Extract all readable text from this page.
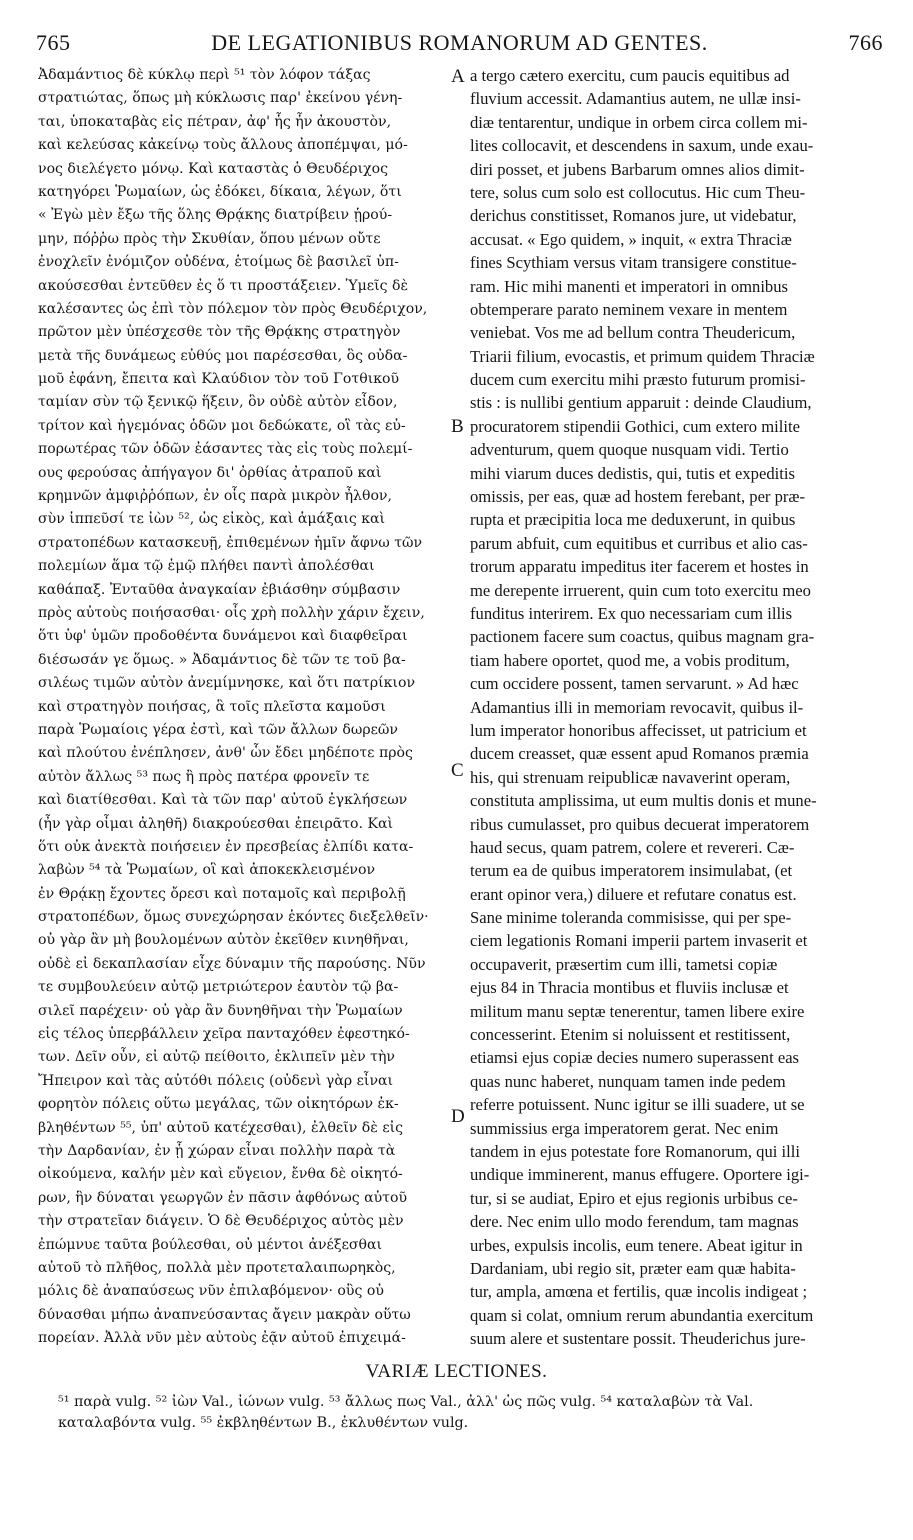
765	DE LEGATIONIBUS ROMANORUM AD GENTES.	766
Ἀδαμάντιος δὲ κύκλῳ περὶ ⁵¹ τὸν λόφον τάξας
στρατιώτας, ὅπως μὴ κύκλωσις παρ' ἐκείνου γένη-
ται, ὑποκαταβὰς εἰς πέτραν, ἀφ' ἧς ἦν ἀκουστὸν,
καὶ κελεύσας κἀκείνῳ τοὺς ἄλλους ἀποπέμψαι, μό-
νος διελέγετο μόνῳ. Καὶ καταστὰς ὁ Θευδέριχος
κατηγόρει Ῥωμαίων, ὡς ἐδόκει, δίκαια, λέγων, ὅτι
« Ἐγὼ μὲν ἔξω τῆς ὅλης Θρᾴκης διατρίβειν ᾑρού-
μην, πόῤῥω πρὸς τὴν Σκυθίαν, ὅπου μένων οὔτε
ἐνοχλεῖν ἐνόμιζον οὐδένα, ἑτοίμως δὲ βασιλεῖ ὑπ-
ακούσεσθαι ἐντεῦθεν ἐς ὅ τι προστάξειεν. Ὑμεῖς δὲ
καλέσαντες ὡς ἐπὶ τὸν πόλεμον τὸν πρὸς Θευδέριχον,
πρῶτον μὲν ὑπέσχεσθε τὸν τῆς Θρᾴκης στρατηγὸν
μετὰ τῆς δυνάμεως εὐθύς μοι παρέσεσθαι, ὃς οὐδα-
μοῦ ἐφάνη, ἔπειτα καὶ Κλαύδιον τὸν τοῦ Γοτθικοῦ
ταμίαν σὺν τῷ ξενικῷ ἥξειν, ὃν οὐδὲ αὐτὸν εἶδον,
τρίτον καὶ ἡγεμόνας ὁδῶν μοι δεδώκατε, οἳ τὰς εὐ-
πορωτέρας τῶν ὁδῶν ἐάσαντες τὰς εἰς τοὺς πολεμί-
ους φερούσας ἀπήγαγον δι' ὀρθίας ἀτραποῦ καὶ
κρημνῶν ἀμφιῤῥόπων, ἐν οἷς παρὰ μικρὸν ἦλθον,
σὺν ἱππεῦσί τε ἰὼν ⁵², ὡς εἰκὸς, καὶ ἁμάξαις καὶ
στρατοπέδων κατασκευῇ, ἐπιθεμένων ἡμῖν ἄφνω τῶν
πολεμίων ἅμα τῷ ἐμῷ πλήθει παντὶ ἀπολέσθαι
καθάπαξ. Ἐνταῦθα ἀναγκαίαν ἐβιάσθην σύμβασιν
πρὸς αὐτοὺς ποιήσασθαι· οἷς χρὴ πολλὴν χάριν ἔχειν,
ὅτι ὑφ' ὑμῶν προδοθέντα δυνάμενοι καὶ διαφθεῖραι
διέσωσάν γε ὅμως. » Ἀδαμάντιος δὲ τῶν τε τοῦ βα-
σιλέως τιμῶν αὐτὸν ἀνεμίμνησκε, καὶ ὅτι πατρίκιον
καὶ στρατηγὸν ποιήσας, ἃ τοῖς πλεῖστα καμοῦσι
παρὰ Ῥωμαίοις γέρα ἐστὶ, καὶ τῶν ἄλλων δωρεῶν
καὶ πλούτου ἐνέπλησεν, ἀνθ' ὧν ἔδει μηδέποτε πρὸς
αὐτὸν ἄλλως ⁵³ πως ἢ πρὸς πατέρα φρονεῖν τε
καὶ διατίθεσθαι. Καὶ τὰ τῶν παρ' αὐτοῦ ἐγκλήσεων
(ἦν γὰρ οἶμαι ἀληθῆ) διακρούεσθαι ἐπειρᾶτο. Καὶ
ὅτι οὐκ ἀνεκτὰ ποιήσειεν ἐν πρεσβείας ἐλπίδι κατα-
λαβὼν ⁵⁴ τὰ Ῥωμαίων, οἳ καὶ ἀποκεκλεισμένον
ἐν Θρᾴκῃ ἔχοντες ὄρεσι καὶ ποταμοῖς καὶ περιβολῇ
στρατοπέδων, ὅμως συνεχώρησαν ἑκόντες διεξελθεῖν·
οὐ γὰρ ἂν μὴ βουλομένων αὐτὸν ἐκεῖθεν κινηθῆναι,
οὐδὲ εἰ δεκαπλασίαν εἶχε δύναμιν τῆς παρούσης. Νῦν
τε συμβουλεύειν αὐτῷ μετριώτερον ἑαυτὸν τῷ βα-
σιλεῖ παρέχειν· οὐ γὰρ ἂν δυνηθῆναι τὴν Ῥωμαίων
εἰς τέλος ὑπερβάλλειν χεῖρα πανταχόθεν ἐφεστηκό-
των. Δεῖν οὖν, εἰ αὐτῷ πείθοιτο, ἐκλιπεῖν μὲν τὴν
Ἤπειρον καὶ τὰς αὐτόθι πόλεις (οὐδενὶ γὰρ εἶναι
φορητὸν πόλεις οὕτω μεγάλας, τῶν οἰκητόρων ἐκ-
βληθέντων ⁵⁵, ὑπ' αὐτοῦ κατέχεσθαι), ἐλθεῖν δὲ εἰς
τὴν Δαρδανίαν, ἐν ᾗ χώραν εἶναι πολλὴν παρὰ τὰ
οἰκούμενα, καλήν μὲν καὶ εὔγειον, ἔνθα δὲ οἰκητό-
ρων, ἣν δύναται γεωργῶν ἐν πᾶσιν ἀφθόνως αὐτοῦ
τὴν στρατεῖαν διάγειν. Ὁ δὲ Θευδέριχος αὐτὸς μὲν
ἐπώμνυε ταῦτα βούλεσθαι, οὐ μέντοι ἀνέξεσθαι
αὐτοῦ τὸ πλῆθος, πολλὰ μὲν προτεταλαιπωρηκὸς,
μόλις δὲ ἀναπαύσεως νῦν ἐπιλαβόμενον· οὓς οὐ
δύνασθαι μήπω ἀναπνεύσαντας ἄγειν μακρὰν οὕτω
πορείαν. Ἀλλὰ νῦν μὲν αὐτοὺς ἐᾷν αὐτοῦ ἐπιχειμά-
a tergo cætero exercitu, cum paucis equitibus ad
fluvium accessit. Adamantius autem, ne ullæ insi-
diæ tentarentur, undique in orbem circa collem mi-
lites collocavit, et descendens in saxum, unde exau-
diri posset, et jubens Barbarum omnes alios dimit-
tere, solus cum solo est collocutus. Hic cum Theu-
derichus constitisset, Romanos jure, ut videbatur,
accusat. « Ego quidem, » inquit, « extra Thraciæ
fines Scythiam versus vitam transigere constitue-
ram. Hic mihi manenti et imperatori in omnibus
obtemperare parato neminem vexare in mentem
veniebat. Vos me ad bellum contra Theudericum,
Triarii filium, evocastis, et primum quidem Thraciæ
ducem cum exercitu mihi præsto futurum promisi-
stis : is nullibi gentium apparuit : deinde Claudium,
procuratorem stipendii Gothici, cum extero milite
adventurum, quem quoque nusquam vidi. Tertio
mihi viarum duces dedistis, qui, tutis et expeditis
omissis, per eas, quæ ad hostem ferebant, per præ-
rupta et præcipitia loca me deduxerunt, in quibus
parum abfuit, cum equitibus et curribus et alio cas-
trorum apparatu impeditus iter facerem et hostes in
me derepente irruerent, quin cum toto exercitu meo
funditus interirem. Ex quo necessariam cum illis
pactionem facere sum coactus, quibus magnam gra-
tiam habere oportet, quod me, a vobis proditum,
cum occidere possent, tamen servarunt. » Ad hæc
Adamantius illi in memoriam revocavit, quibus il-
lum imperator honoribus affecisset, ut patricium et
ducem creasset, quæ essent apud Romanos præmia
his, qui strenuam reipublicæ navaverint operam,
constituta amplissima, ut eum multis donis et mune-
ribus cumulasset, pro quibus decuerat imperatorem
haud secus, quam patrem, colere et revereri. Cæ-
terum ea de quibus imperatorem insimulabat, (et
erant opinor vera,) diluere et refutare conatus est.
Sane minime toleranda commisisse, qui per spe-
ciem legationis Romani imperii partem invaserit et
occupaverit, præsertim cum illi, tametsi copiæ
ejus 84 in Thracia montibus et fluviis inclusæ et
militum manu septæ tenerentur, tamen libere exire
concesserint. Etenim si noluissent et restitissent,
etiamsi ejus copiæ decies numero superassent eas
quas nunc haberet, nunquam tamen inde pedem
referre potuissent. Nunc igitur se illi suadere, ut se
summissius erga imperatorem gerat. Nec enim
tandem in ejus potestate fore Romanorum, qui illi
undique imminerent, manus effugere. Oportere igi-
tur, si se audiat, Epiro et ejus regionis urbibus ce-
dere. Nec enim ullo modo ferendum, tam magnas
urbes, expulsis incolis, eum tenere. Abeat igitur in
Dardaniam, ubi regio sit, præter eam quæ habita-
tur, ampla, amœna et fertilis, quæ incolis indigeat ;
quam si colat, omnium rerum abundantia exercitum
suum alere et sustentare possit. Theuderichus jure-
A
B
C
D
VARIÆ LECTIONES.
⁵¹ παρὰ vulg. ⁵² ἰὼν Val., ἰώνων vulg. ⁵³ ἄλλως πως Val., ἀλλ' ὡς πῶς vulg. ⁵⁴ καταλαβὼν τὰ Val.
καταλαβόντα vulg. ⁵⁵ ἐκβληθέντων B., ἐκλυθέντων vulg.
